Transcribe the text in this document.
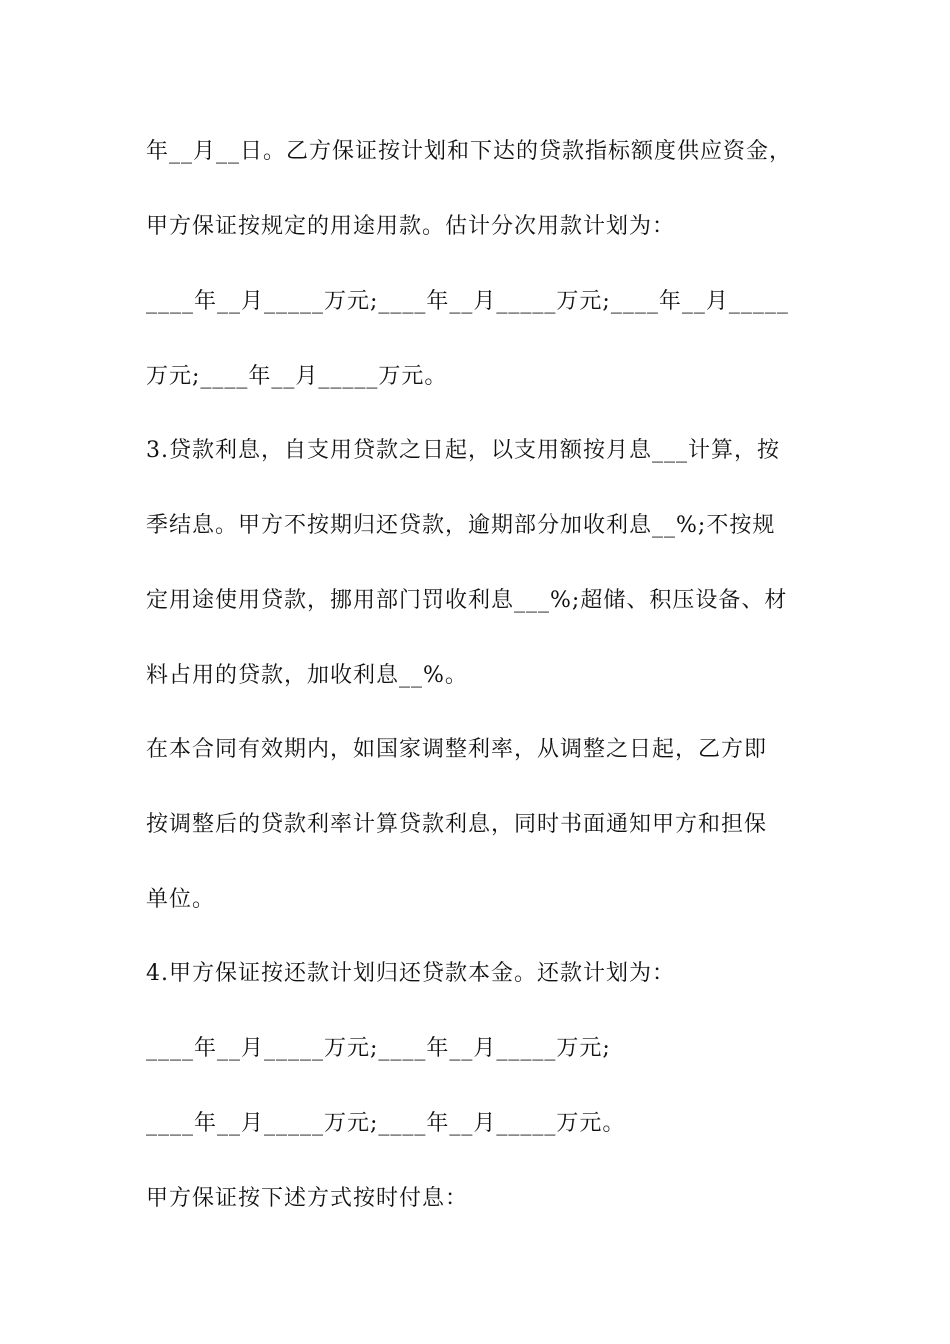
年__月__日。乙方保证按计划和下达的贷款指标额度供应资金，
甲方保证按规定的用途用款。估计分次用款计划为：
____年__月_____万元;____年__月_____万元;____年__月_____
万元;____年__月_____万元。
3.贷款利息，自支用贷款之日起，以支用额按月息___计算，按
季结息。甲方不按期归还贷款，逾期部分加收利息__%;不按规
定用途使用贷款，挪用部门罚收利息___%;超储、积压设备、材
料占用的贷款，加收利息__%。
在本合同有效期内，如国家调整利率，从调整之日起，乙方即
按调整后的贷款利率计算贷款利息，同时书面通知甲方和担保
单位。
4.甲方保证按还款计划归还贷款本金。还款计划为：
____年__月_____万元;____年__月_____万元;
____年__月_____万元;____年__月_____万元。
甲方保证按下述方式按时付息：
